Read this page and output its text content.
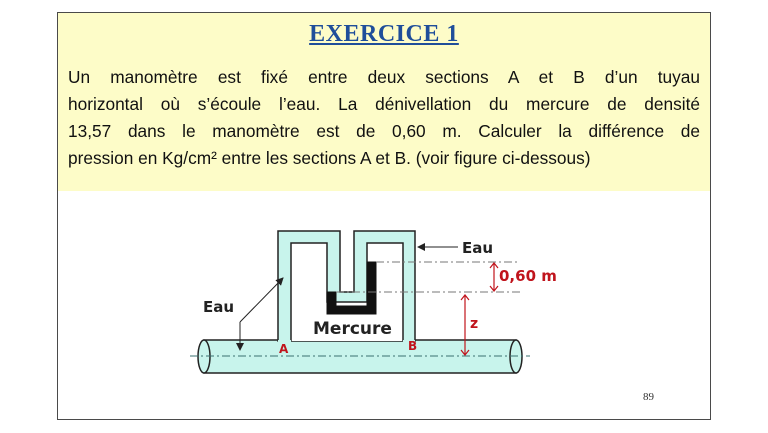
EXERCICE 1
Un manomètre est fixé entre deux sections A et B d’un tuyau
horizontal où s’écoule l’eau. La dénivellation du mercure de densité
13,57 dans le manomètre est de 0,60 m. Calculer la différence de
pression en Kg/cm² entre les sections A et B. (voir figure ci-dessous)
89
Eau
0,60 m
z
Eau
Mercure
A	B
